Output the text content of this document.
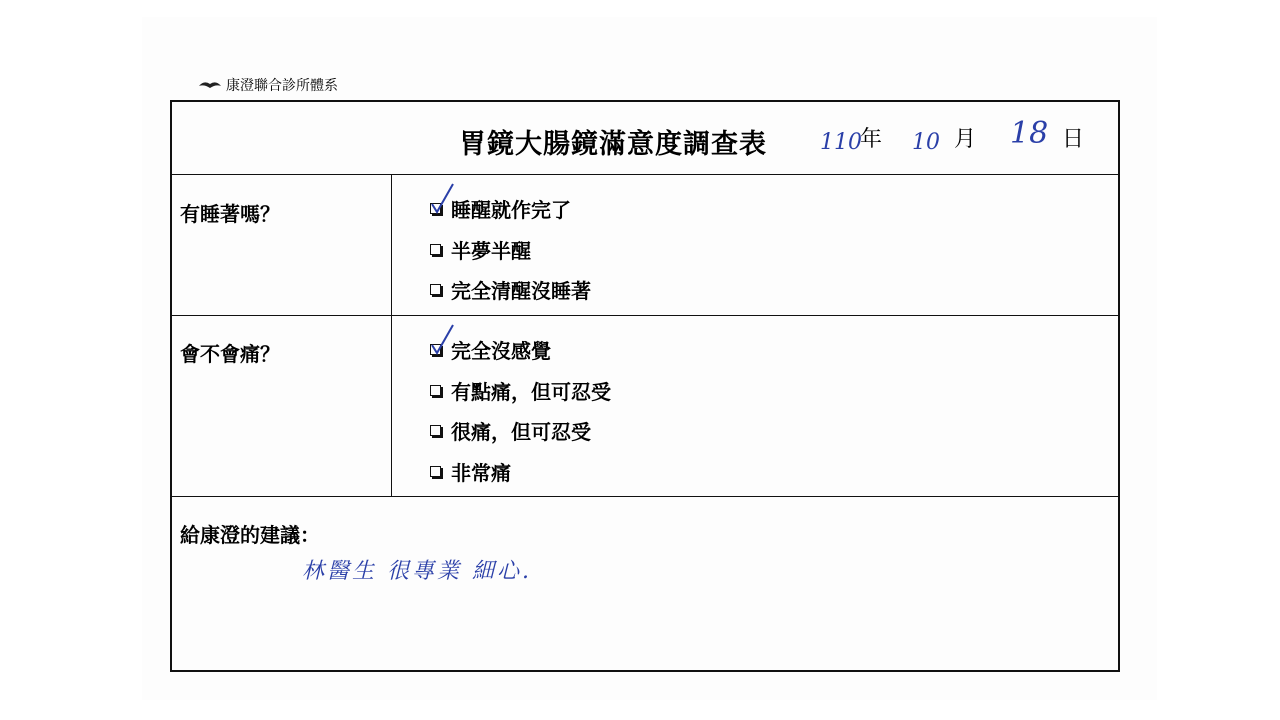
康澄聯合診所體系
胃鏡大腸鏡滿意度調查表 110
年 10 月 18 日
有睡著嗎？	睡醒就作完了
半夢半醒
完全清醒沒睡著
會不會痛？	完全沒感覺
有點痛，但可忍受
很痛，但可忍受
非常痛
給康澄的建議：
林醫生 很專業 細心.
